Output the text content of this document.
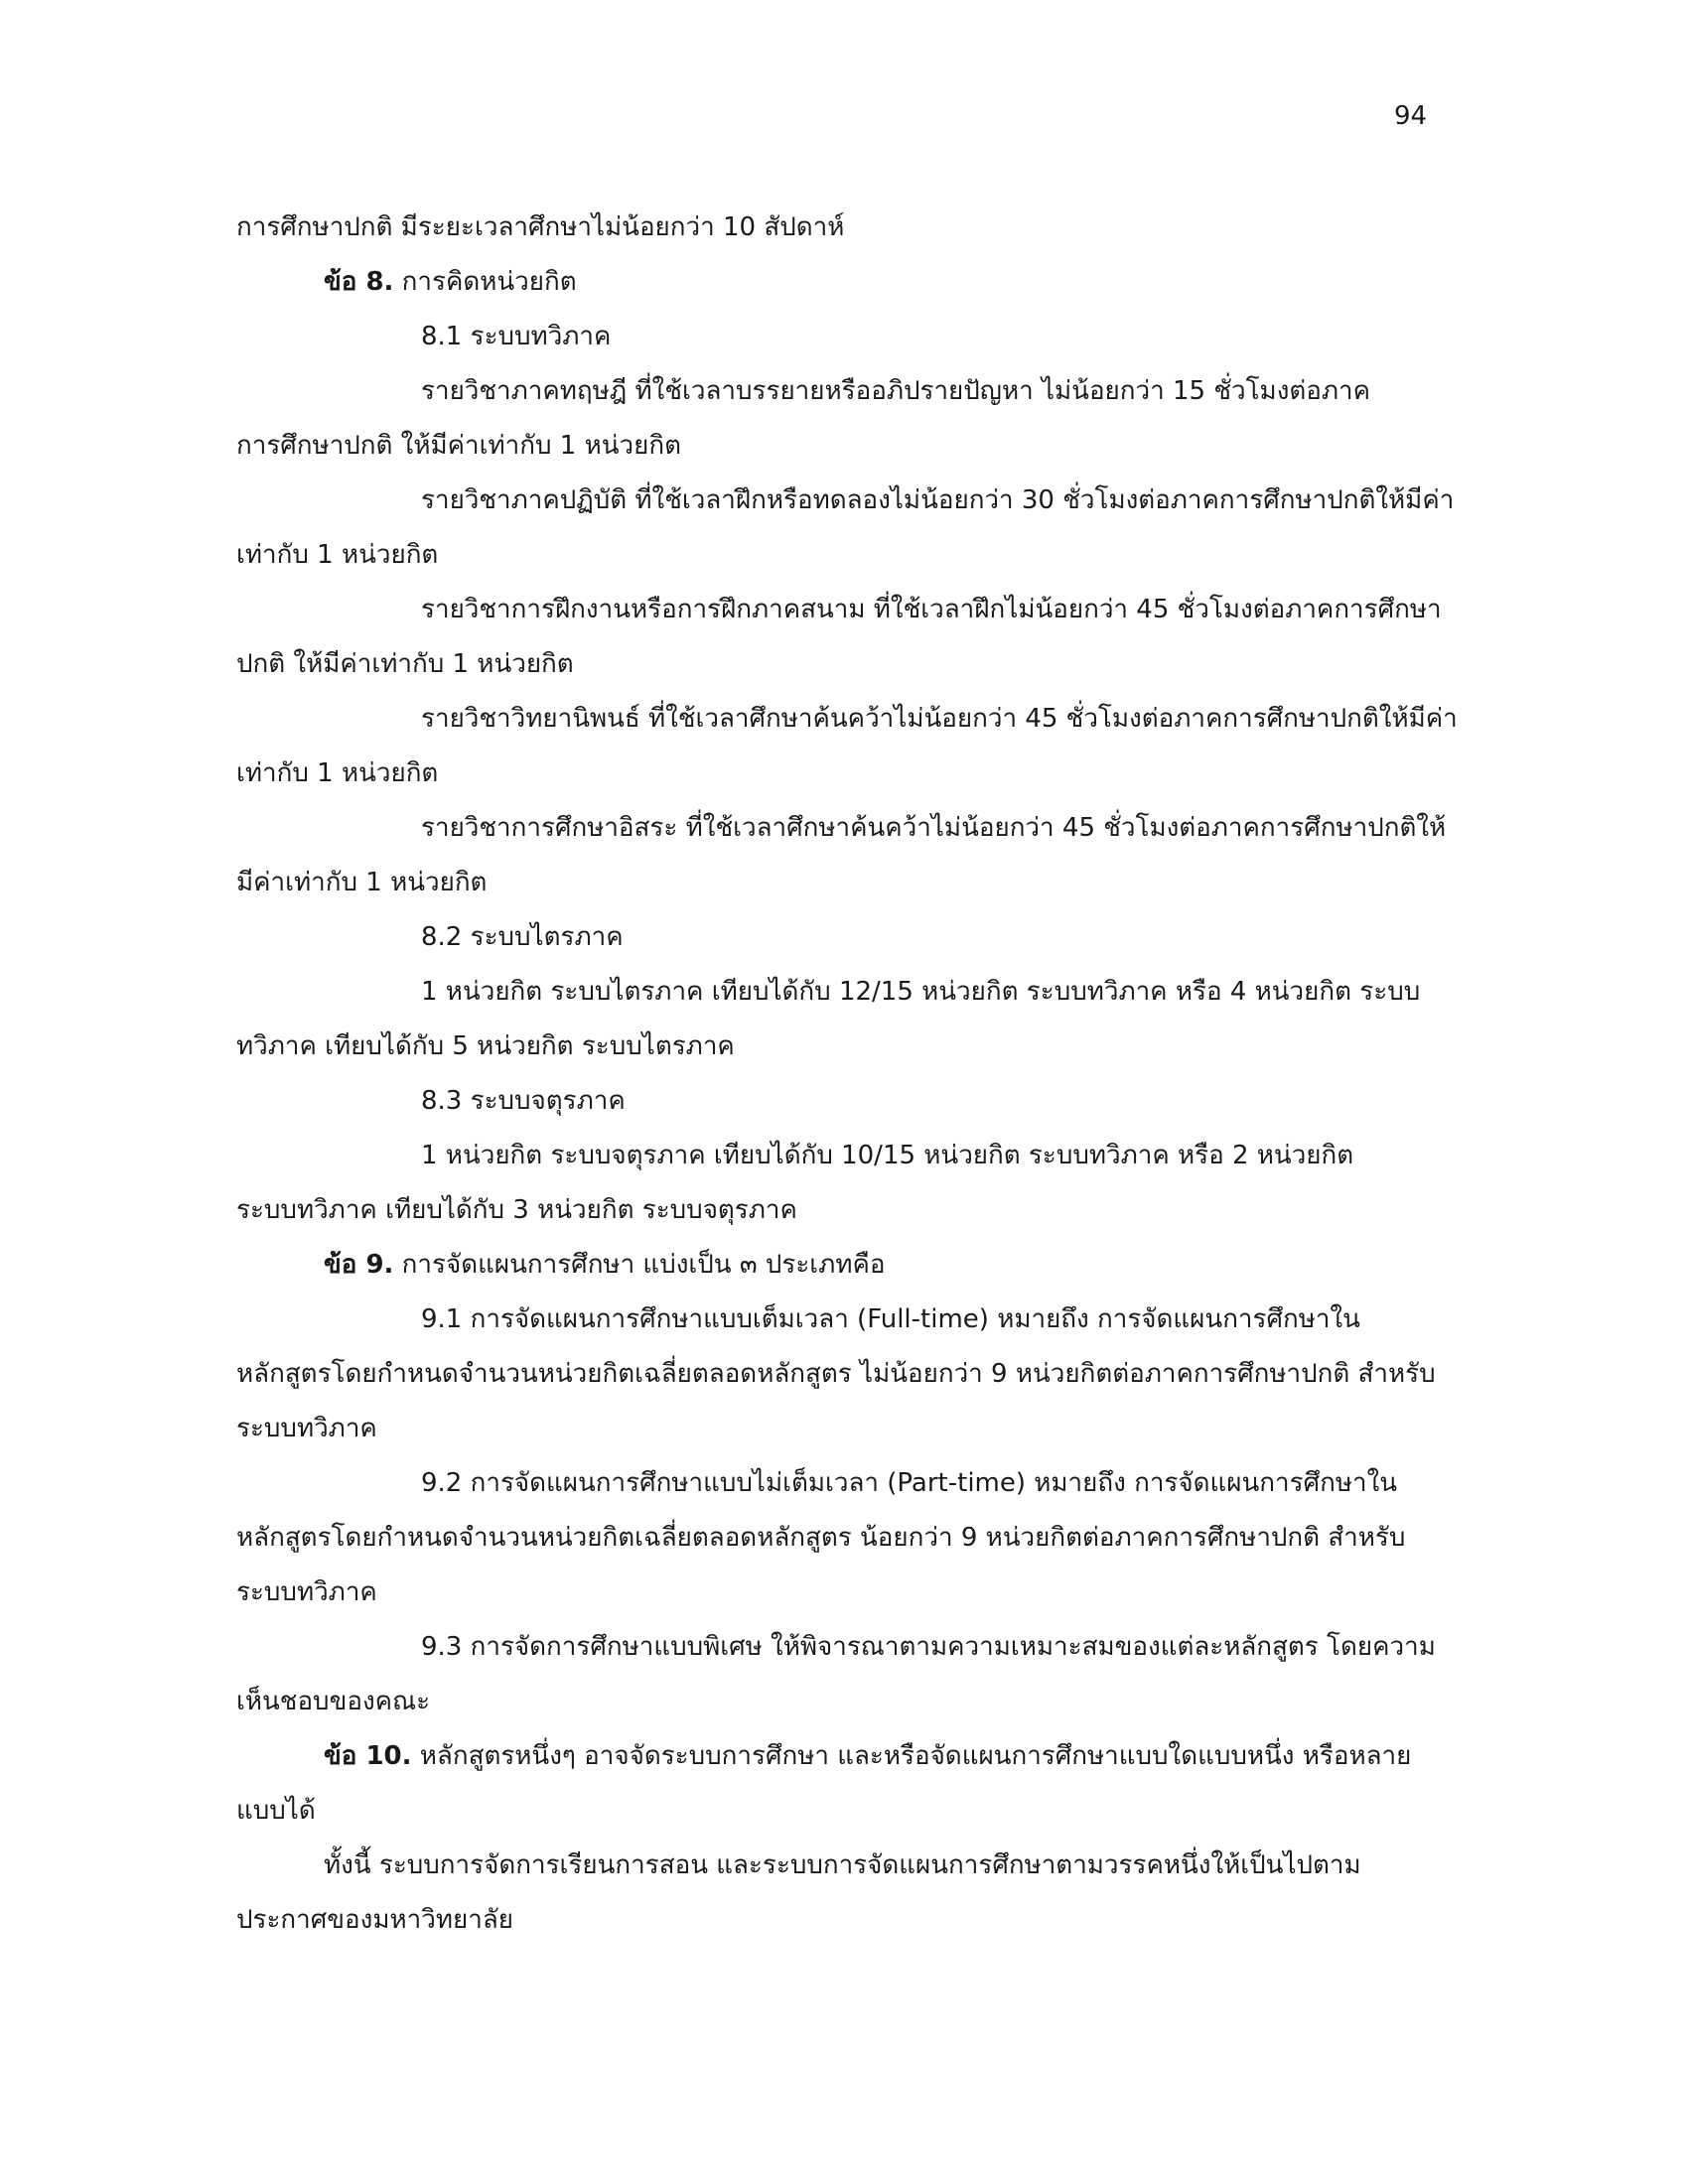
94
การศึกษาปกติ มีระยะเวลาศึกษาไม่น้อยกว่า 10 สัปดาห์
ข้อ 8. การคิดหน่วยกิต
8.1 ระบบทวิภาค
รายวิชาภาคทฤษฎี ที่ใช้เวลาบรรยายหรืออภิปรายปัญหา ไม่น้อยกว่า 15 ชั่วโมงต่อภาค
การศึกษาปกติ ให้มีค่าเท่ากับ 1 หน่วยกิต
รายวิชาภาคปฏิบัติ ที่ใช้เวลาฝึกหรือทดลองไม่น้อยกว่า 30 ชั่วโมงต่อภาคการศึกษาปกติให้มีค่า
เท่ากับ 1 หน่วยกิต
รายวิชาการฝึกงานหรือการฝึกภาคสนาม ที่ใช้เวลาฝึกไม่น้อยกว่า 45 ชั่วโมงต่อภาคการศึกษา
ปกติ ให้มีค่าเท่ากับ 1 หน่วยกิต
รายวิชาวิทยานิพนธ์ ที่ใช้เวลาศึกษาค้นคว้าไม่น้อยกว่า 45 ชั่วโมงต่อภาคการศึกษาปกติให้มีค่า
เท่ากับ 1 หน่วยกิต
รายวิชาการศึกษาอิสระ ที่ใช้เวลาศึกษาค้นคว้าไม่น้อยกว่า 45 ชั่วโมงต่อภาคการศึกษาปกติให้
มีค่าเท่ากับ 1 หน่วยกิต
8.2 ระบบไตรภาค
1 หน่วยกิต ระบบไตรภาค เทียบได้กับ 12/15 หน่วยกิต ระบบทวิภาค หรือ 4 หน่วยกิต ระบบ
ทวิภาค เทียบได้กับ 5 หน่วยกิต ระบบไตรภาค
8.3 ระบบจตุรภาค
1 หน่วยกิต ระบบจตุรภาค เทียบได้กับ 10/15 หน่วยกิต ระบบทวิภาค หรือ 2 หน่วยกิต
ระบบทวิภาค เทียบได้กับ 3 หน่วยกิต ระบบจตุรภาค
ข้อ 9. การจัดแผนการศึกษา แบ่งเป็น ๓ ประเภทคือ
9.1 การจัดแผนการศึกษาแบบเต็มเวลา (Full-time) หมายถึง การจัดแผนการศึกษาใน
หลักสูตรโดยกำหนดจำนวนหน่วยกิตเฉลี่ยตลอดหลักสูตร ไม่น้อยกว่า 9 หน่วยกิตต่อภาคการศึกษาปกติ สำหรับ
ระบบทวิภาค
9.2 การจัดแผนการศึกษาแบบไม่เต็มเวลา (Part-time) หมายถึง การจัดแผนการศึกษาใน
หลักสูตรโดยกำหนดจำนวนหน่วยกิตเฉลี่ยตลอดหลักสูตร น้อยกว่า 9 หน่วยกิตต่อภาคการศึกษาปกติ สำหรับ
ระบบทวิภาค
9.3 การจัดการศึกษาแบบพิเศษ ให้พิจารณาตามความเหมาะสมของแต่ละหลักสูตร โดยความ
เห็นชอบของคณะ
ข้อ 10. หลักสูตรหนึ่งๆ อาจจัดระบบการศึกษา และหรือจัดแผนการศึกษาแบบใดแบบหนึ่ง หรือหลาย
แบบได้
ทั้งนี้ ระบบการจัดการเรียนการสอน และระบบการจัดแผนการศึกษาตามวรรคหนึ่งให้เป็นไปตาม
ประกาศของมหาวิทยาลัย
